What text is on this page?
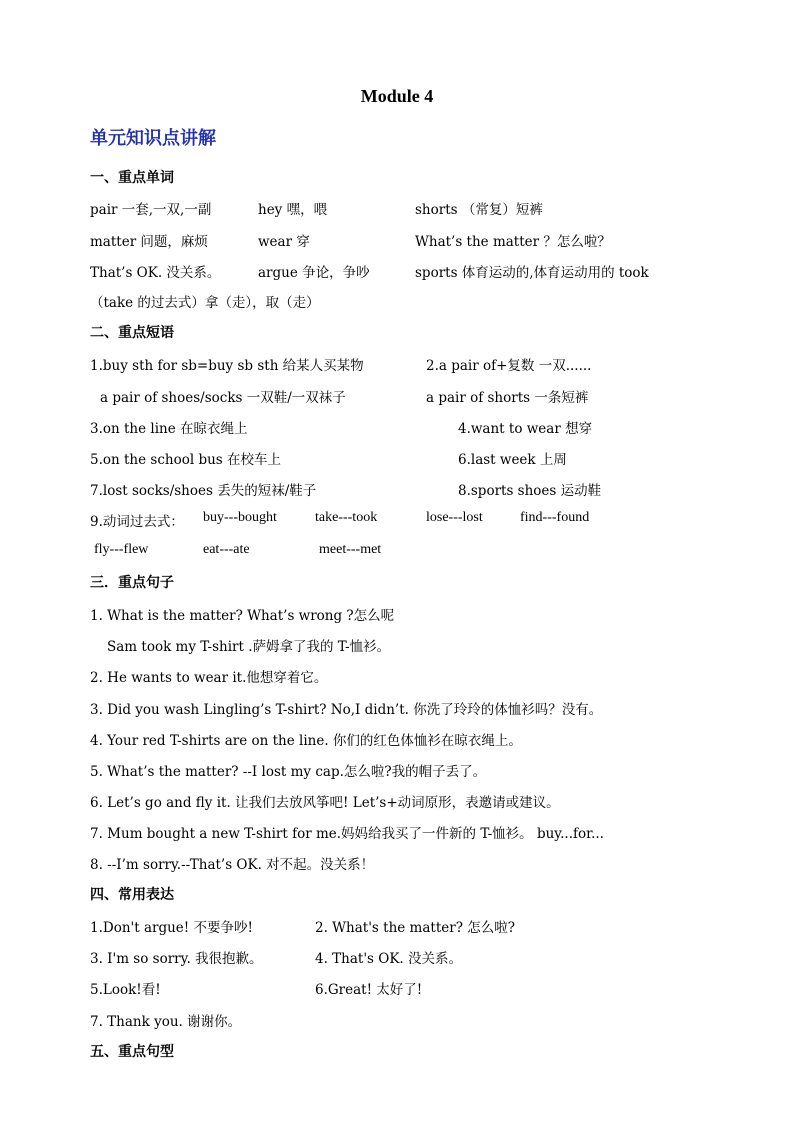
Module 4
单元知识点讲解
一、重点单词
pair 一套,一双,一副	hey 嘿，喂	shorts （常复）短裤
matter 问题，麻烦	wear 穿	What’s the matter ？怎么啦？
That’s OK. 没关系。	argue 争论，争吵	sports 体育运动的,体育运动用的 took
（take 的过去式）拿（走），取（走）
二、重点短语
1.buy sth for sb=buy sb sth 给某人买某物	2.a pair of+复数 一双......
a pair of shoes/socks 一双鞋/一双袜子	a pair of shorts 一条短裤
3.on the line 在晾衣绳上	4.want to wear 想穿
5.on the school bus 在校车上	6.last week 上周
7.lost socks/shoes 丢失的短袜/鞋子	8.sports shoes 运动鞋
9.动词过去式： buy---bought	take---took	lose---lost	find---found
fly---flew	eat---ate	meet---met
三．重点句子
1. What is the matter? What’s wrong ?怎么呢
Sam took my T-shirt .萨姆拿了我的 T-恤衫。
2. He wants to wear it.他想穿着它。
3. Did you wash Lingling’s T-shirt? No,I didn’t. 你洗了玲玲的体恤衫吗？没有。
4. Your red T-shirts are on the line. 你们的红色体恤衫在晾衣绳上。
5. What’s the matter? --I lost my cap.怎么啦?我的帽子丢了。
6. Let’s go and fly it. 让我们去放风筝吧! Let’s+动词原形，表邀请或建议。
7. Mum bought a new T-shirt for me.妈妈给我买了一件新的 T-恤衫。 buy...for...
8. --I’m sorry.--That’s OK. 对不起。没关系！
四、常用表达
1.Don't argue! 不要争吵!	2. What's the matter? 怎么啦?
3. I'm so sorry. 我很抱歉。	4. That's OK. 没关系。
5.Look!看!	6.Great! 太好了!
7. Thank you. 谢谢你。
五、重点句型
